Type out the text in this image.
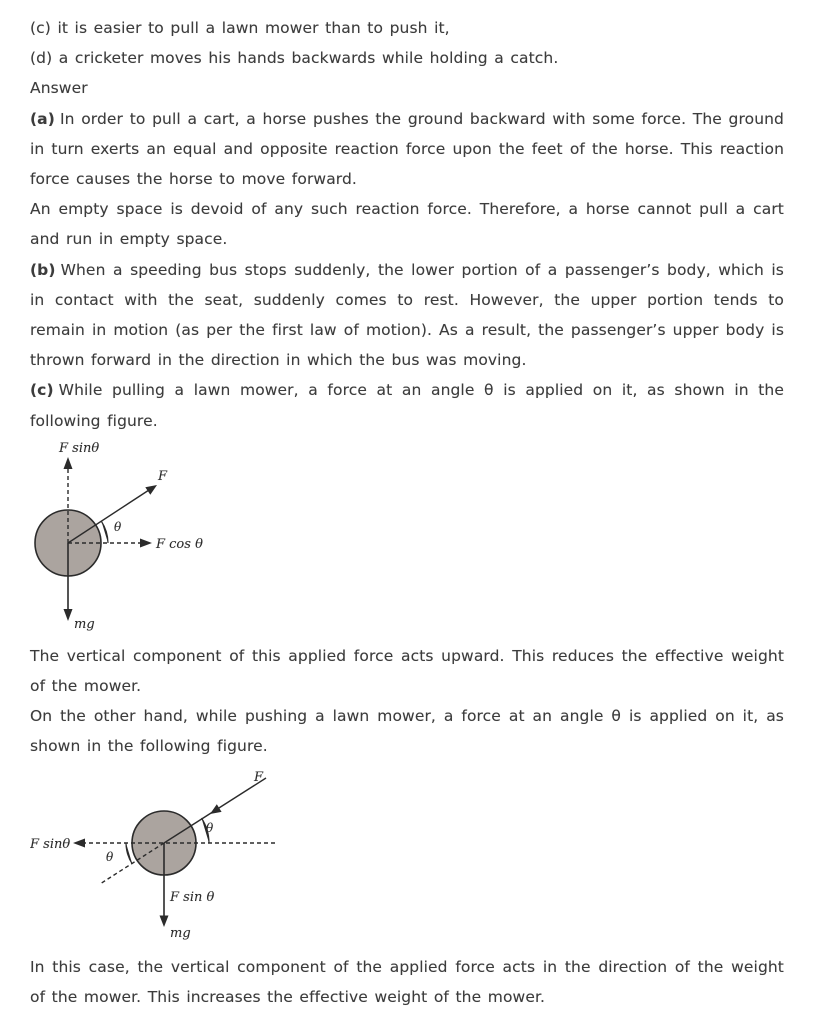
(c) it is easier to pull a lawn mower than to push it,

(d) a cricketer moves his hands backwards while holding a catch.

Answer

(a) In order to pull a cart, a horse pushes the ground backward with some force. The ground in turn exerts an equal and opposite reaction force upon the feet of the horse. This reaction force causes the horse to move forward.

An empty space is devoid of any such reaction force. Therefore, a horse cannot pull a cart and run in empty space.

(b) When a speeding bus stops suddenly, the lower portion of a passenger’s body, which is in contact with the seat, suddenly comes to rest. However, the upper portion tends to remain in motion (as per the first law of motion). As a result, the passenger’s upper body is thrown forward in the direction in which the bus was moving.

(c) While pulling a lawn mower, a force at an angle θ is applied on it, as shown in the following figure.

F sinθ
F
θ
F cos θ
mg

The vertical component of this applied force acts upward. This reduces the effective weight of the mower.

On the other hand, while pushing a lawn mower, a force at an angle θ is applied on it, as shown in the following figure.

F
F sinθ
θ
θ
F sin θ
mg

In this case, the vertical component of the applied force acts in the direction of the weight of the mower. This increases the effective weight of the mower.
